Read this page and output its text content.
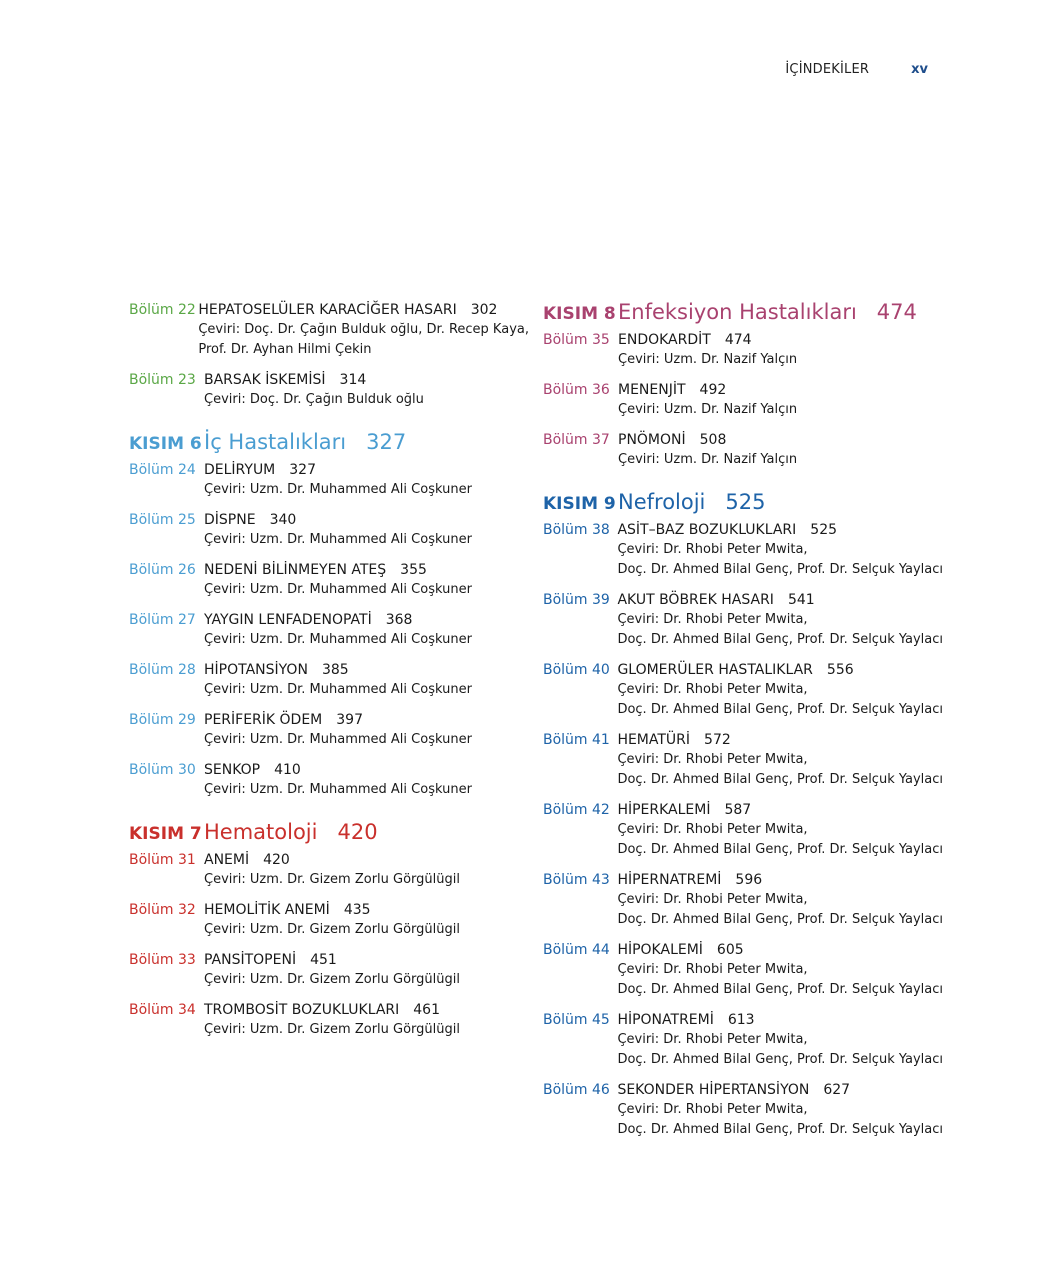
İÇİNDEKİLER	xv
Bölüm 22 HEPATOSELÜLER KARACİĞER HASARI 302
Çeviri: Doç. Dr. Çağın Bulduk oğlu, Dr. Recep Kaya,
Prof. Dr. Ayhan Hilmi Çekin
Bölüm 23 BARSAK İSKEMİSİ 314
Çeviri: Doç. Dr. Çağın Bulduk oğlu
KISIM 6 İç Hastalıkları 327
Bölüm 24 DELİRYUM 327
Çeviri: Uzm. Dr. Muhammed Ali Coşkuner
Bölüm 25 DİSPNE 340
Çeviri: Uzm. Dr. Muhammed Ali Coşkuner
Bölüm 26 NEDENİ BİLİNMEYEN ATEŞ 355
Çeviri: Uzm. Dr. Muhammed Ali Coşkuner
Bölüm 27 YAYGIN LENFADENOPATİ 368
Çeviri: Uzm. Dr. Muhammed Ali Coşkuner
Bölüm 28 HİPOTANSİYON 385
Çeviri: Uzm. Dr. Muhammed Ali Coşkuner
Bölüm 29 PERİFERİK ÖDEM 397
Çeviri: Uzm. Dr. Muhammed Ali Coşkuner
Bölüm 30 SENKOP 410
Çeviri: Uzm. Dr. Muhammed Ali Coşkuner
KISIM 7 Hematoloji 420
Bölüm 31 ANEMİ 420
Çeviri: Uzm. Dr. Gizem Zorlu Görgülügil
Bölüm 32 HEMOLİTİK ANEMİ 435
Çeviri: Uzm. Dr. Gizem Zorlu Görgülügil
Bölüm 33 PANSİTOPENİ 451
Çeviri: Uzm. Dr. Gizem Zorlu Görgülügil
Bölüm 34 TROMBOSİT BOZUKLUKLARI 461
Çeviri: Uzm. Dr. Gizem Zorlu Görgülügil
KISIM 8 Enfeksiyon Hastalıkları 474
Bölüm 35 ENDOKARDİT 474
Çeviri: Uzm. Dr. Nazif Yalçın
Bölüm 36 MENENJİT 492
Çeviri: Uzm. Dr. Nazif Yalçın
Bölüm 37 PNÖMONİ 508
Çeviri: Uzm. Dr. Nazif Yalçın
KISIM 9 Nefroloji 525
Bölüm 38 ASİT–BAZ BOZUKLUKLARI 525
Çeviri: Dr. Rhobi Peter Mwita,
Doç. Dr. Ahmed Bilal Genç, Prof. Dr. Selçuk Yaylacı
Bölüm 39 AKUT BÖBREK HASARI 541
Çeviri: Dr. Rhobi Peter Mwita,
Doç. Dr. Ahmed Bilal Genç, Prof. Dr. Selçuk Yaylacı
Bölüm 40 GLOMERÜLER HASTALIKLAR 556
Çeviri: Dr. Rhobi Peter Mwita,
Doç. Dr. Ahmed Bilal Genç, Prof. Dr. Selçuk Yaylacı
Bölüm 41 HEMATÜRİ 572
Çeviri: Dr. Rhobi Peter Mwita,
Doç. Dr. Ahmed Bilal Genç, Prof. Dr. Selçuk Yaylacı
Bölüm 42 HİPERKALEMİ 587
Çeviri: Dr. Rhobi Peter Mwita,
Doç. Dr. Ahmed Bilal Genç, Prof. Dr. Selçuk Yaylacı
Bölüm 43 HİPERNATREMİ 596
Çeviri: Dr. Rhobi Peter Mwita,
Doç. Dr. Ahmed Bilal Genç, Prof. Dr. Selçuk Yaylacı
Bölüm 44 HİPOKALEMİ 605
Çeviri: Dr. Rhobi Peter Mwita,
Doç. Dr. Ahmed Bilal Genç, Prof. Dr. Selçuk Yaylacı
Bölüm 45 HİPONATREMİ 613
Çeviri: Dr. Rhobi Peter Mwita,
Doç. Dr. Ahmed Bilal Genç, Prof. Dr. Selçuk Yaylacı
Bölüm 46 SEKONDER HİPERTANSİYON 627
Çeviri: Dr. Rhobi Peter Mwita,
Doç. Dr. Ahmed Bilal Genç, Prof. Dr. Selçuk Yaylacı
